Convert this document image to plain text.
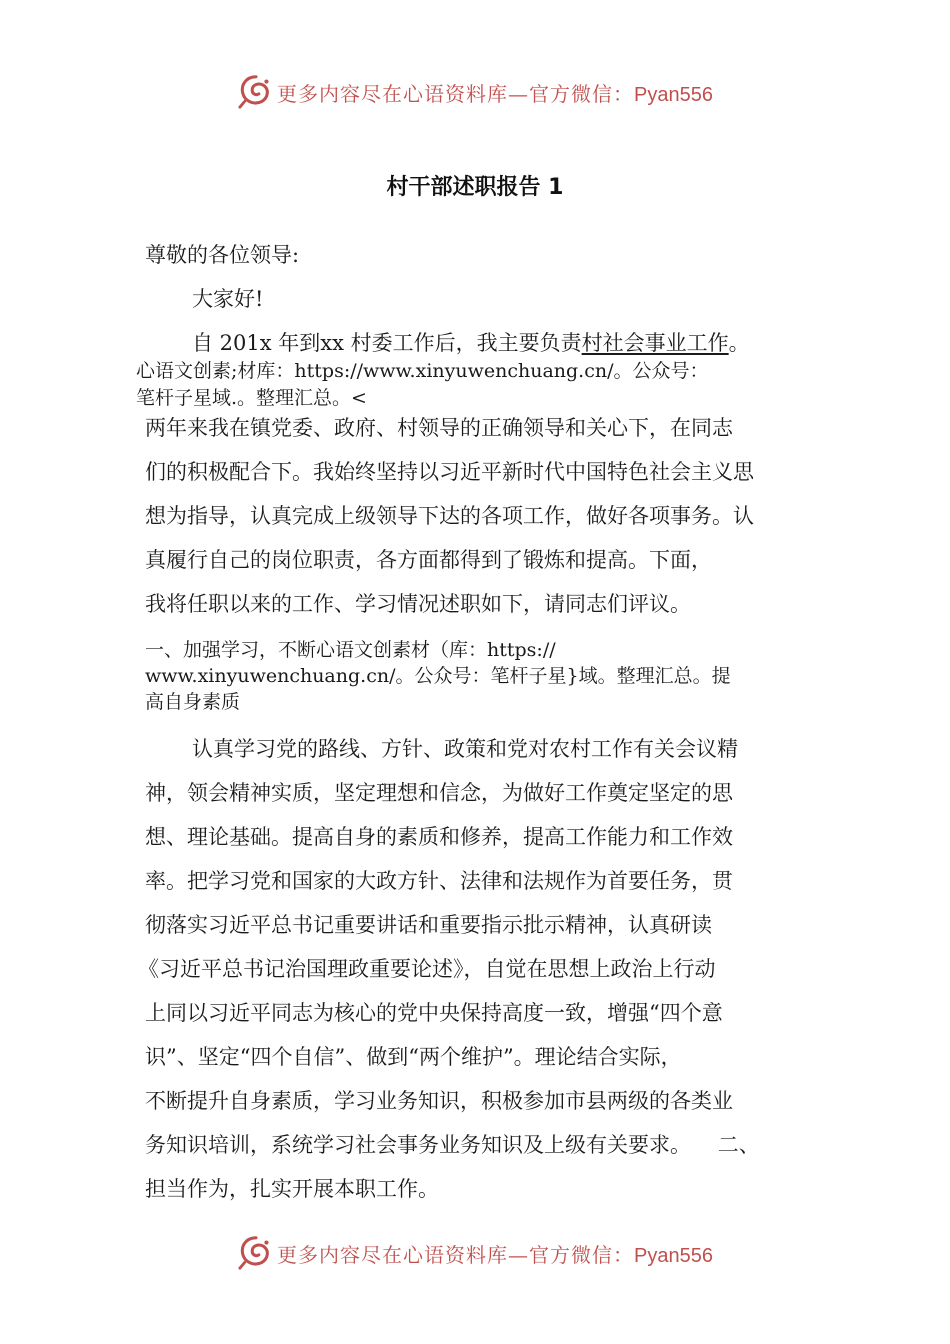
更多内容尽在心语资料库—官方微信：Pyan556
村干部述职报告 1
尊敬的各位领导:
大家好!
自 201x 年到xx 村委工作后，我主要负责村社会事业工作。
心语文创素;材库：https://www.xinyuwenchuang.cn/。公众号：
笔杆子星域.。整理汇总。<
两年来我在镇党委、政府、村领导的正确领导和关心下，在同志
们的积极配合下。我始终坚持以习近平新时代中国特色社会主义思
想为指导，认真完成上级领导下达的各项工作，做好各项事务。认
真履行自己的岗位职责，各方面都得到了锻炼和提高。下面，
我将任职以来的工作、学习情况述职如下，请同志们评议。
一、加强学习，不断心语文创素材（库：https://
www.xinyuwenchuang.cn/。公众号：笔杆子星}域。整理汇总。提
高自身素质
认真学习党的路线、方针、政策和党对农村工作有关会议精
神，领会精神实质，坚定理想和信念，为做好工作奠定坚定的思
想、理论基础。提高自身的素质和修养，提高工作能力和工作效
率。把学习党和国家的大政方针、法律和法规作为首要任务，贯
彻落实习近平总书记重要讲话和重要指示批示精神，认真研读
《习近平总书记治国理政重要论述》，自觉在思想上政治上行动
上同以习近平同志为核心的党中央保持高度一致，增强“四个意
识”、坚定“四个自信”、做到“两个维护”。理论结合实际，
不断提升自身素质，学习业务知识，积极参加市县两级的各类业
务知识培训，系统学习社会事务业务知识及上级有关要求。    二、
担当作为，扎实开展本职工作。
更多内容尽在心语资料库—官方微信：Pyan556
